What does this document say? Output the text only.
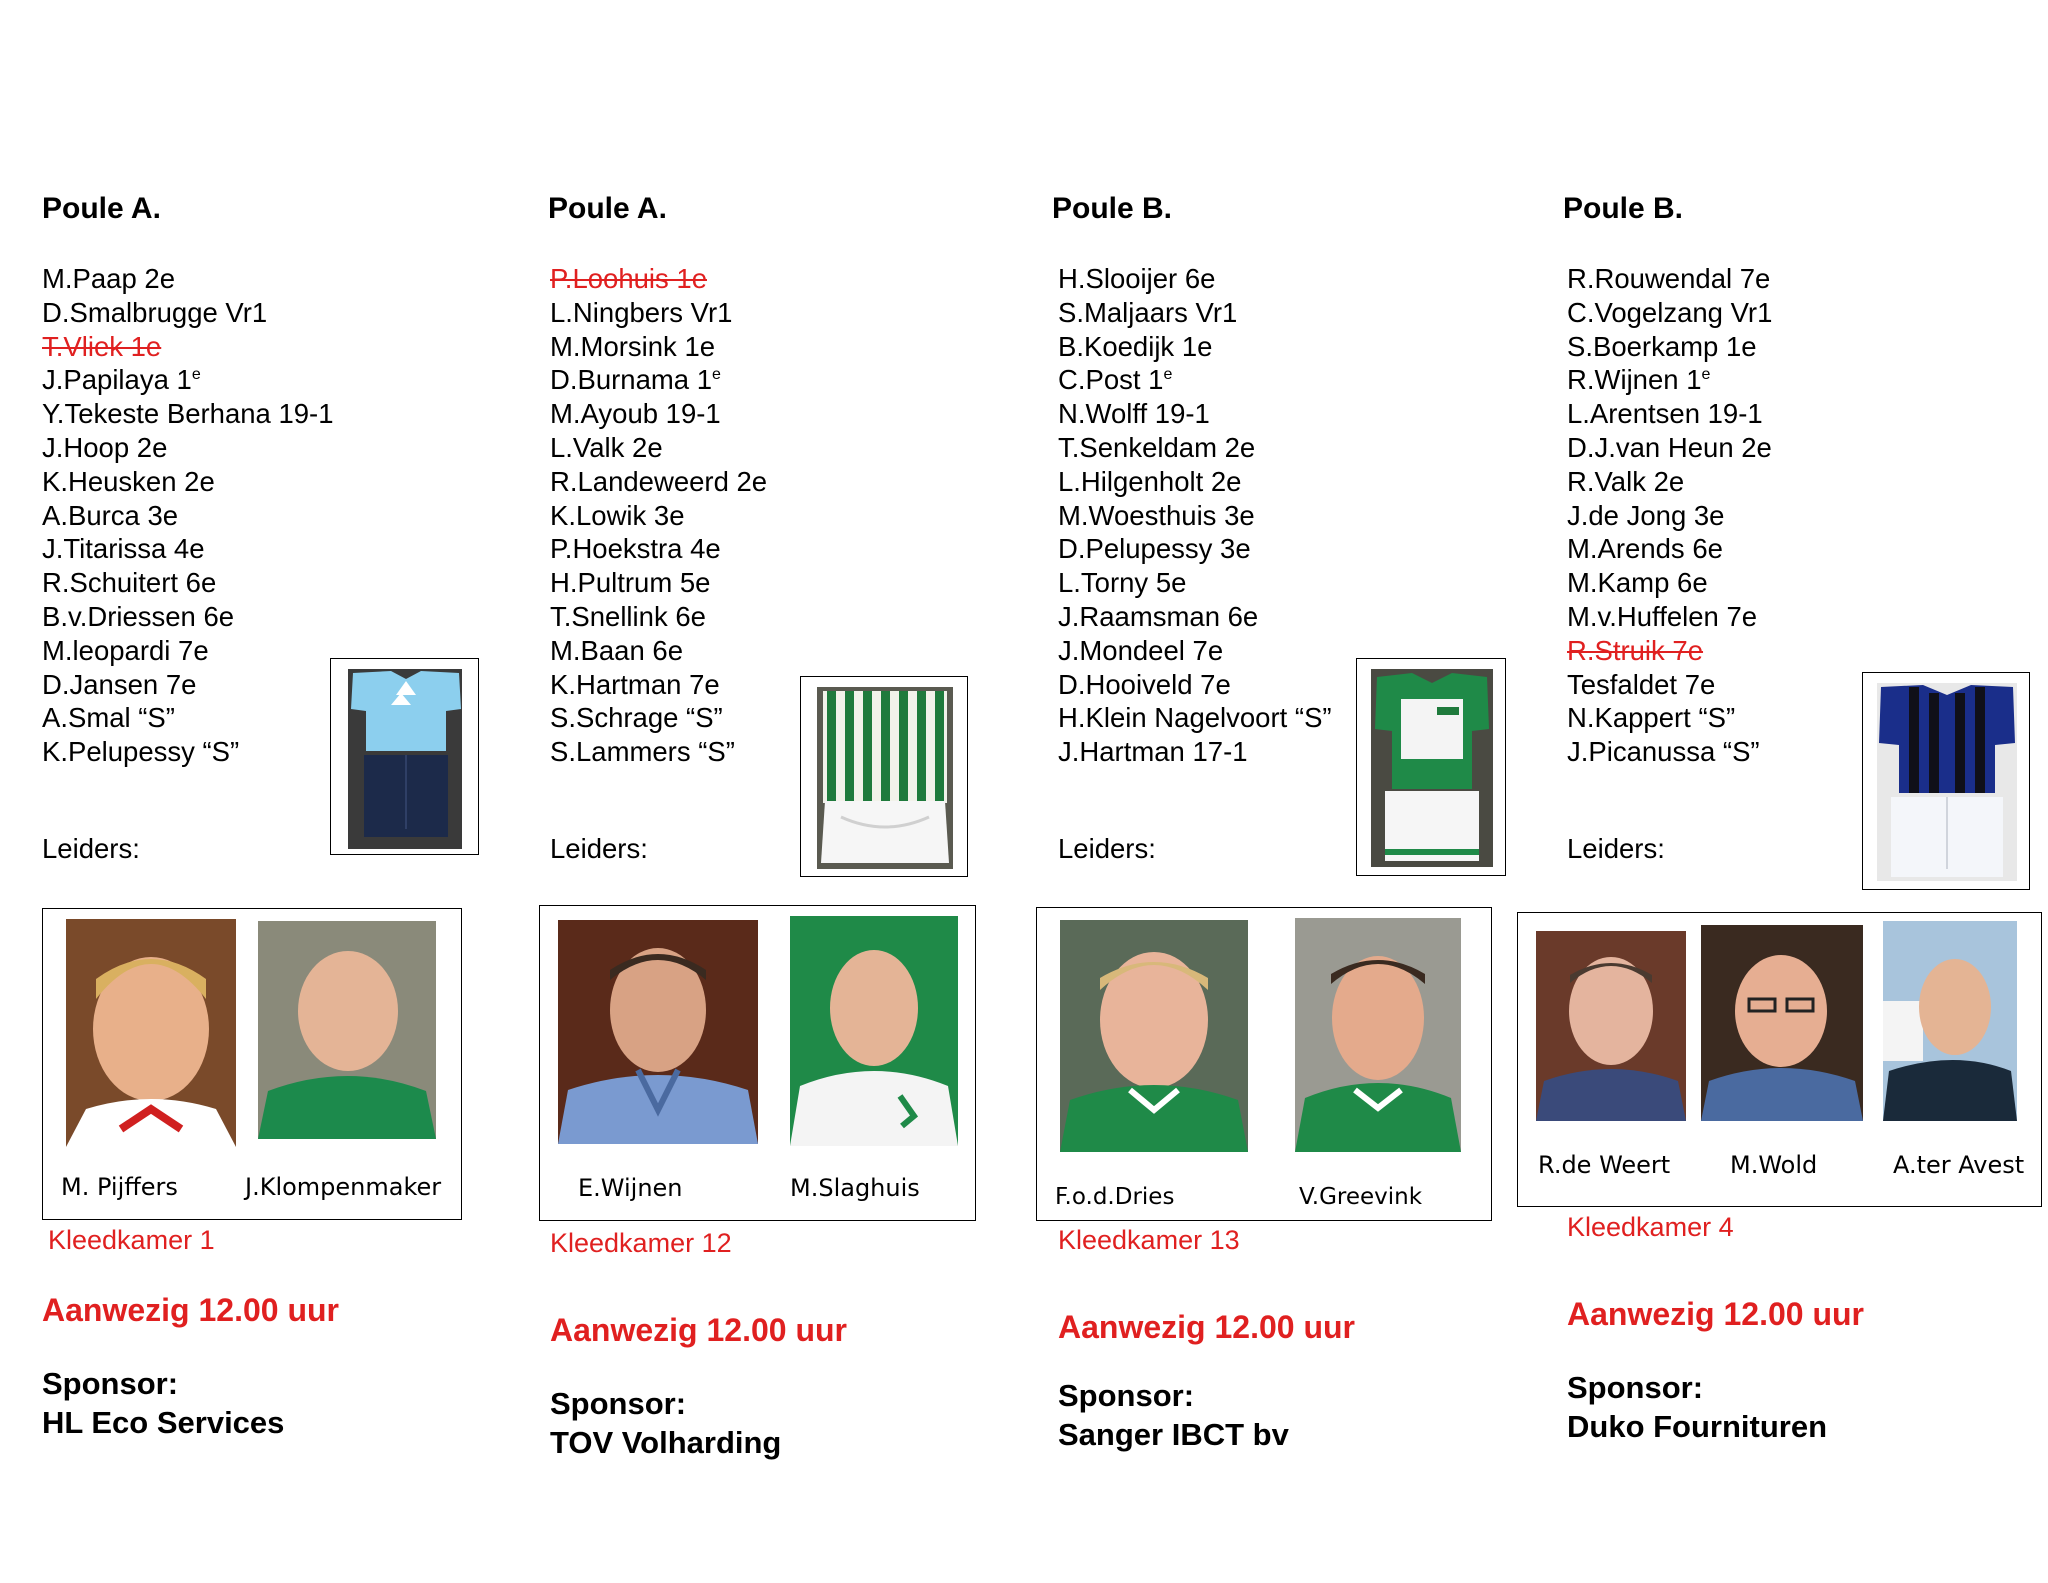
Poule A.
M.Paap 2e
D.Smalbrugge Vr1
T.Vliek 1e
J.Papilaya 1e
Y.Tekeste Berhana 19-1
J.Hoop 2e
K.Heusken 2e
A.Burca 3e
J.Titarissa 4e
R.Schuitert 6e
B.v.Driessen 6e
M.leopardi 7e
D.Jansen 7e
A.Smal “S”
K.Pelupessy “S”
Leiders:
M. Pijffers	J.Klompenmaker
Kleedkamer 1
Aanwezig 12.00 uur
Sponsor:
HL Eco Services
Poule A.
P.Loohuis 1e
L.Ningbers Vr1
M.Morsink 1e
D.Burnama 1e
M.Ayoub 19-1
L.Valk 2e
R.Landeweerd 2e
K.Lowik 3e
P.Hoekstra 4e
H.Pultrum 5e
T.Snellink 6e
M.Baan 6e
K.Hartman 7e
S.Schrage “S”
S.Lammers “S”
Leiders:
E.Wijnen	M.Slaghuis
Kleedkamer 12
Aanwezig 12.00 uur
Sponsor:
TOV Volharding
Poule B.
H.Slooijer 6e
S.Maljaars Vr1
B.Koedijk 1e
C.Post 1e
N.Wolff 19-1
T.Senkeldam 2e
L.Hilgenholt 2e
M.Woesthuis 3e
D.Pelupessy 3e
L.Torny 5e
J.Raamsman 6e
J.Mondeel 7e
D.Hooiveld 7e
H.Klein Nagelvoort “S”
J.Hartman 17-1
Leiders:
F.o.d.Dries	V.Greevink
Kleedkamer 13
Aanwezig 12.00 uur
Sponsor:
Sanger IBCT bv
Poule B.
R.Rouwendal 7e
C.Vogelzang Vr1
S.Boerkamp 1e
R.Wijnen 1e
L.Arentsen 19-1
D.J.van Heun 2e
R.Valk 2e
J.de Jong 3e
M.Arends 6e
M.Kamp 6e
M.v.Huffelen 7e
R.Struik 7e
Tesfaldet 7e
N.Kappert “S”
J.Picanussa “S”
Leiders:
R.de Weert M.Wold	A.ter Avest
Kleedkamer 4
Aanwezig 12.00 uur
Sponsor:
Duko Fournituren
